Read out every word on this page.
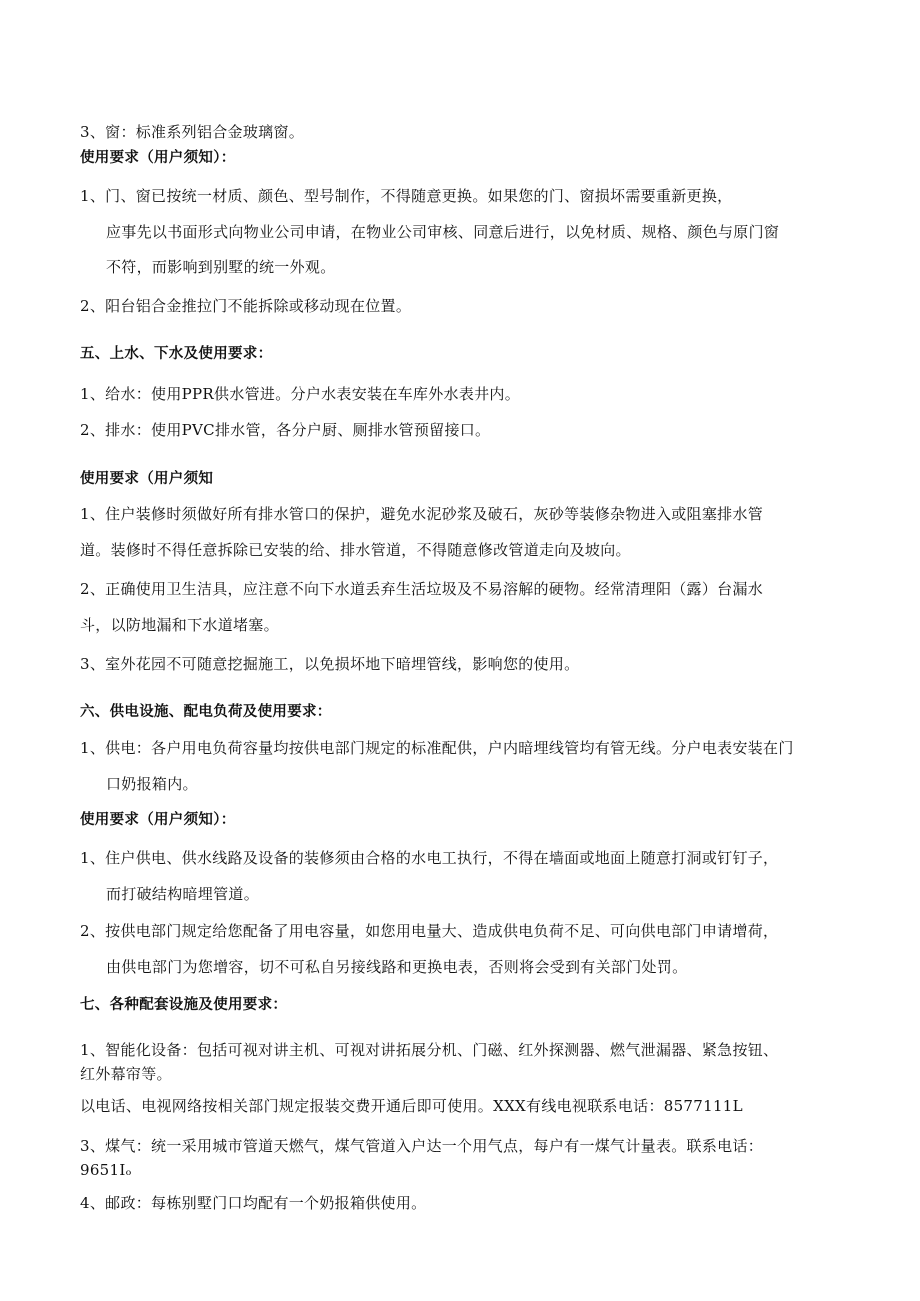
3、窗：标准系列铝合金玻璃窗。

使用要求（用户须知）：

1、门、窗已按统一材质、颜色、型号制作，不得随意更换。如果您的门、窗损坏需要重新更换，

应事先以书面形式向物业公司申请，在物业公司审核、同意后进行，以免材质、规格、颜色与原门窗

不符，而影响到别墅的统一外观。

2、阳台铝合金推拉门不能拆除或移动现在位置。

五、上水、下水及使用要求：

1、给水：使用PPR供水管进。分户水表安装在车库外水表井内。

2、排水：使用PVC排水管，各分户厨、厕排水管预留接口。

使用要求（用户须知

1、住户装修时须做好所有排水管口的保护，避免水泥砂浆及破石，灰砂等装修杂物进入或阻塞排水管

道。装修时不得任意拆除已安装的给、排水管道，不得随意修改管道走向及坡向。

2、正确使用卫生洁具，应注意不向下水道丢弃生活垃圾及不易溶解的硬物。经常清理阳（露）台漏水

斗，以防地漏和下水道堵塞。

3、室外花园不可随意挖掘施工，以免损坏地下暗埋管线，影响您的使用。

六、供电设施、配电负荷及使用要求：

1、供电：各户用电负荷容量均按供电部门规定的标准配供，户内暗埋线管均有管无线。分户电表安装在门

口奶报箱内。

使用要求（用户须知）：

1、住户供电、供水线路及设备的装修须由合格的水电工执行，不得在墙面或地面上随意打洞或钉钉子，

而打破结构暗埋管道。

2、按供电部门规定给您配备了用电容量，如您用电量大、造成供电负荷不足、可向供电部门申请增荷，

由供电部门为您增容，切不可私自另接线路和更换电表，否则将会受到有关部门处罚。

七、各种配套设施及使用要求：

1、智能化设备：包括可视对讲主机、可视对讲拓展分机、门磁、红外探测器、燃气泄漏器、紧急按钮、

红外幕帘等。

以电话、电视网络按相关部门规定报装交费开通后即可使用。XXX有线电视联系电话：8577111L

3、煤气：统一采用城市管道天燃气，煤气管道入户达一个用气点，每户有一煤气计量表。联系电话：

9651Iₒ

4、邮政：每栋别墅门口均配有一个奶报箱供使用。
